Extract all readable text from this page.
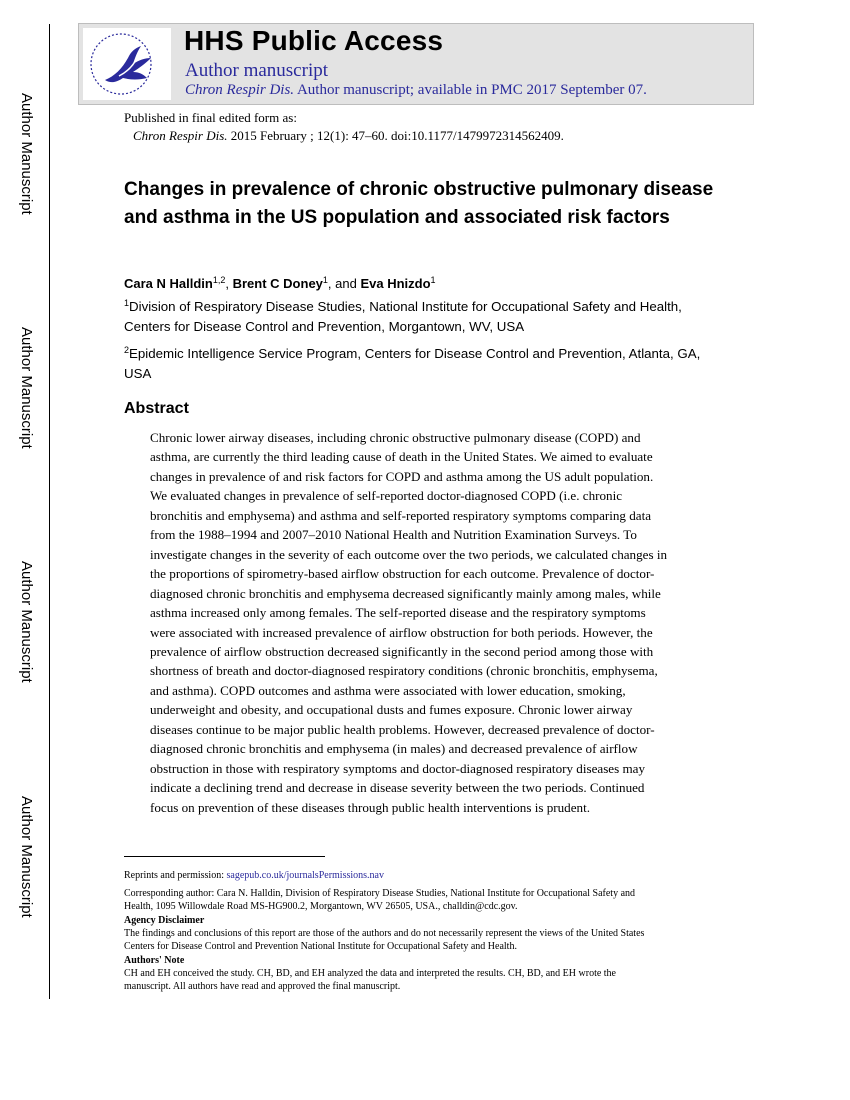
Author Manuscript
Author Manuscript
Author Manuscript
Author Manuscript
HHS Public Access
Author manuscript
Chron Respir Dis. Author manuscript; available in PMC 2017 September 07.
Published in final edited form as:
Chron Respir Dis. 2015 February ; 12(1): 47–60. doi:10.1177/1479972314562409.
Changes in prevalence of chronic obstructive pulmonary disease and asthma in the US population and associated risk factors
Cara N Halldin$^{1,2}$, Brent C Doney$^1$, and Eva Hnizdo$^1$
$^1$Division of Respiratory Disease Studies, National Institute for Occupational Safety and Health, Centers for Disease Control and Prevention, Morgantown, WV, USA
$^2$Epidemic Intelligence Service Program, Centers for Disease Control and Prevention, Atlanta, GA, USA
Abstract
Chronic lower airway diseases, including chronic obstructive pulmonary disease (COPD) and
asthma, are currently the third leading cause of death in the United States. We aimed to evaluate
changes in prevalence of and risk factors for COPD and asthma among the US adult population.
We evaluated changes in prevalence of self-reported doctor-diagnosed COPD (i.e. chronic
bronchitis and emphysema) and asthma and self-reported respiratory symptoms comparing data
from the 1988–1994 and 2007–2010 National Health and Nutrition Examination Surveys. To
investigate changes in the severity of each outcome over the two periods, we calculated changes in
the proportions of spirometry-based airflow obstruction for each outcome. Prevalence of doctor-
diagnosed chronic bronchitis and emphysema decreased significantly mainly among males, while
asthma increased only among females. The self-reported disease and the respiratory symptoms
were associated with increased prevalence of airflow obstruction for both periods. However, the
prevalence of airflow obstruction decreased significantly in the second period among those with
shortness of breath and doctor-diagnosed respiratory conditions (chronic bronchitis, emphysema,
and asthma). COPD outcomes and asthma were associated with lower education, smoking,
underweight and obesity, and occupational dusts and fumes exposure. Chronic lower airway
diseases continue to be major public health problems. However, decreased prevalence of doctor-
diagnosed chronic bronchitis and emphysema (in males) and decreased prevalence of airflow
obstruction in those with respiratory symptoms and doctor-diagnosed respiratory diseases may
indicate a declining trend and decrease in disease severity between the two periods. Continued
focus on prevention of these diseases through public health interventions is prudent.
Reprints and permission: sagepub.co.uk/journalsPermissions.nav
Corresponding author: Cara N. Halldin, Division of Respiratory Disease Studies, National Institute for Occupational Safety and
Health, 1095 Willowdale Road MS-HG900.2, Morgantown, WV 26505, USA., challdin@cdc.gov.
Agency Disclaimer
The findings and conclusions of this report are those of the authors and do not necessarily represent the views of the United States
Centers for Disease Control and Prevention National Institute for Occupational Safety and Health.
Authors' Note
CH and EH conceived the study. CH, BD, and EH analyzed the data and interpreted the results. CH, BD, and EH wrote the
manuscript. All authors have read and approved the final manuscript.
